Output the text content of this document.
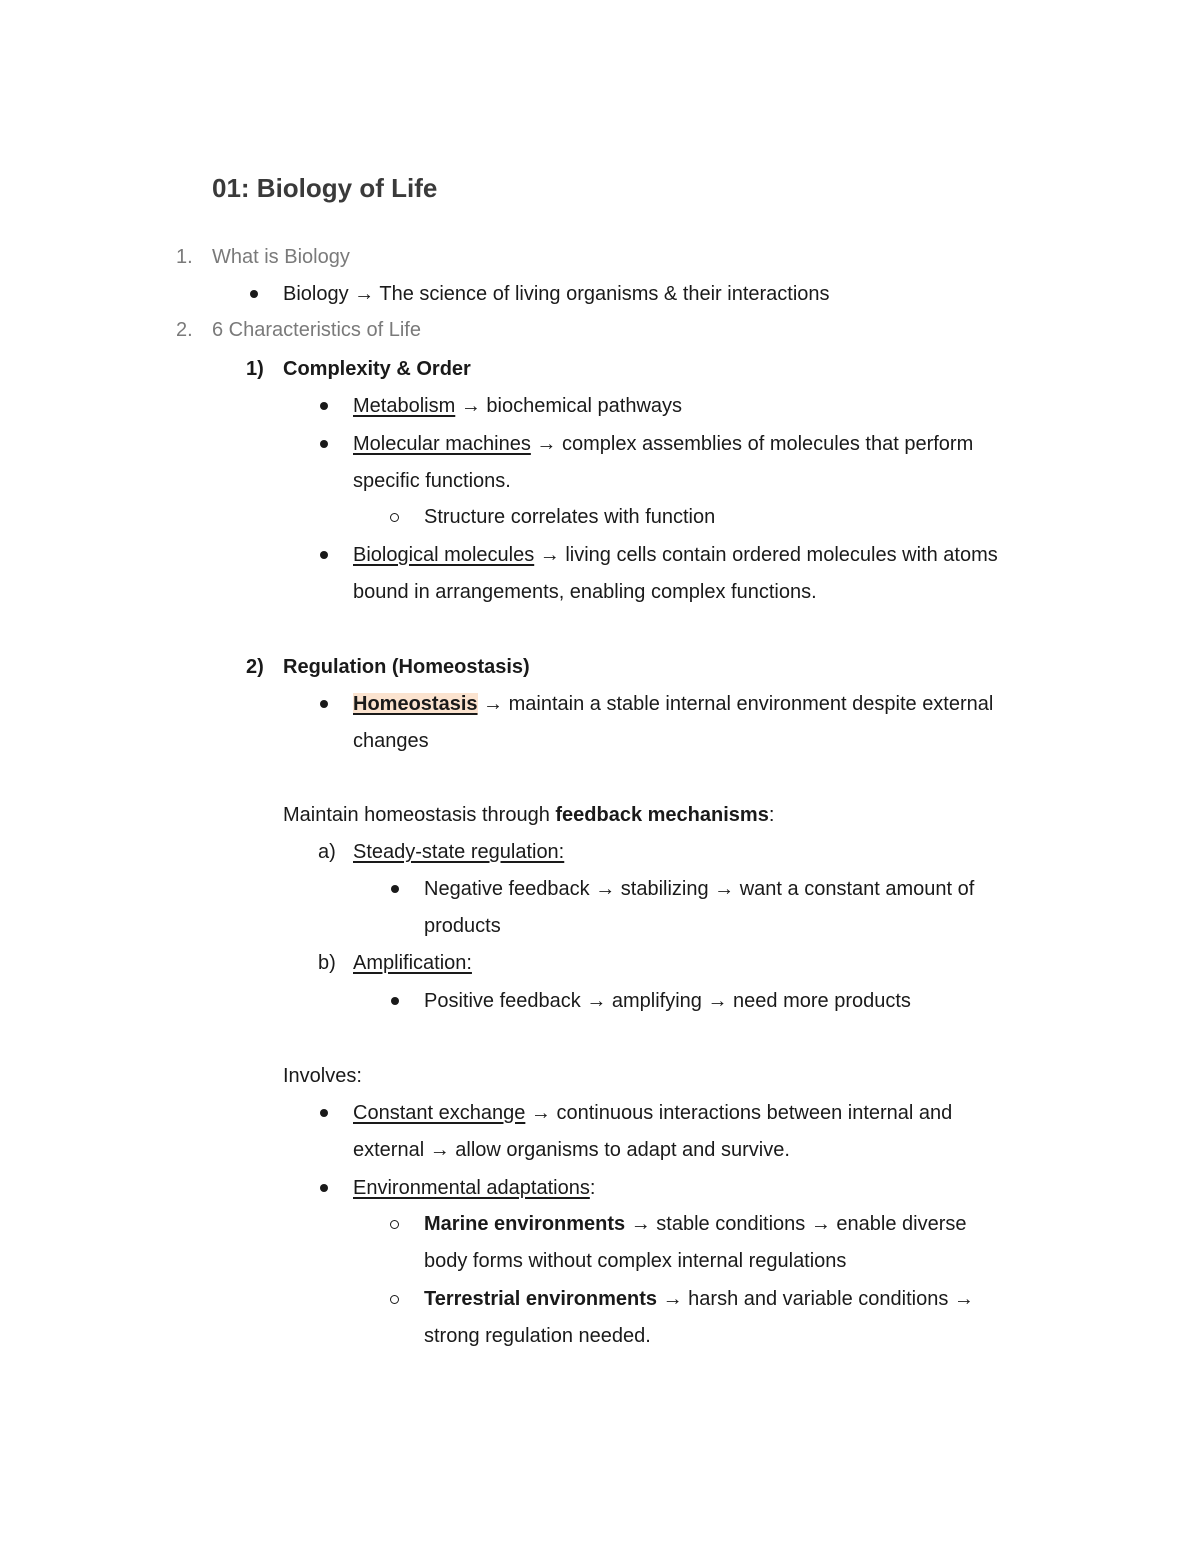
01: Biology of Life
1. What is Biology
Biology → The science of living organisms & their interactions
2. 6 Characteristics of Life
1) Complexity & Order
Metabolism → biochemical pathways
Molecular machines → complex assemblies of molecules that perform
specific functions.
Structure correlates with function
Biological molecules → living cells contain ordered molecules with atoms
bound in arrangements, enabling complex functions.
2) Regulation (Homeostasis)
Homeostasis → maintain a stable internal environment despite external
changes
Maintain homeostasis through feedback mechanisms:
a) Steady-state regulation:
Negative feedback → stabilizing → want a constant amount of
products
b) Amplification:
Positive feedback → amplifying → need more products
Involves:
Constant exchange → continuous interactions between internal and
external → allow organisms to adapt and survive.
Environmental adaptations:
Marine environments → stable conditions → enable diverse
body forms without complex internal regulations
Terrestrial environments → harsh and variable conditions →
strong regulation needed.
